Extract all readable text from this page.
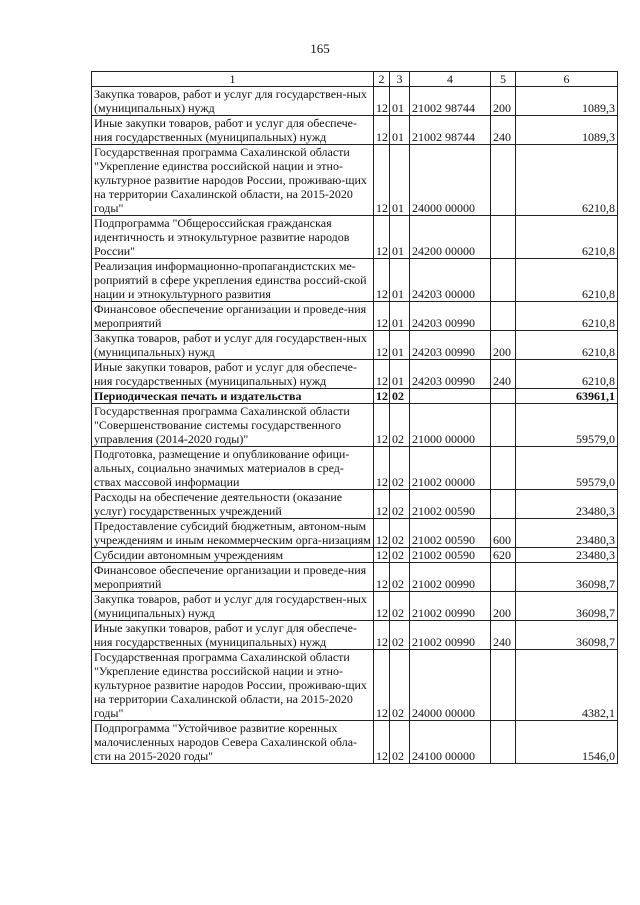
165
1	2	3	4	5	6
Закупка товаров, работ и услуг для государствен-ных (муниципальных) нужд	12	01	21002 98744	200	1089,3
Иные закупки товаров, работ и услуг для обеспече-ния государственных (муниципальных) нужд	12	01	21002 98744	240	1089,3
Государственная программа Сахалинской области "Укрепление единства российской нации и этно-культурное развитие народов России, проживаю-щих на территории Сахалинской области, на 2015-2020 годы"	12	01	24000 00000		6210,8
Подпрограмма "Общероссийская гражданская идентичность и этнокультурное развитие народов России"	12	01	24200 00000		6210,8
Реализация информационно-пропагандистских ме-роприятий в сфере укрепления единства россий-ской нации и этнокультурного развития	12	01	24203 00000		6210,8
Финансовое обеспечение организации и проведе-ния мероприятий	12	01	24203 00990		6210,8
Закупка товаров, работ и услуг для государствен-ных (муниципальных) нужд	12	01	24203 00990	200	6210,8
Иные закупки товаров, работ и услуг для обеспече-ния государственных (муниципальных) нужд	12	01	24203 00990	240	6210,8
Периодическая печать и издательства	12	02			63961,1
Государственная программа Сахалинской области "Совершенствование системы государственного управления (2014-2020 годы)"	12	02	21000 00000		59579,0
Подготовка, размещение и опубликование офици-альных, социально значимых материалов в сред-ствах массовой информации	12	02	21002 00000		59579,0
Расходы на обеспечение деятельности (оказание услуг) государственных учреждений	12	02	21002 00590		23480,3
Предоставление субсидий бюджетным, автоном-ным учреждениям и иным некоммерческим орга-низациям	12	02	21002 00590	600	23480,3
Субсидии автономным учреждениям	12	02	21002 00590	620	23480,3
Финансовое обеспечение организации и проведе-ния мероприятий	12	02	21002 00990		36098,7
Закупка товаров, работ и услуг для государствен-ных (муниципальных) нужд	12	02	21002 00990	200	36098,7
Иные закупки товаров, работ и услуг для обеспече-ния государственных (муниципальных) нужд	12	02	21002 00990	240	36098,7
Государственная программа Сахалинской области "Укрепление единства российской нации и этно-культурное развитие народов России, проживаю-щих на территории Сахалинской области, на 2015-2020 годы"	12	02	24000 00000		4382,1
Подпрограмма "Устойчивое развитие коренных малочисленных народов Севера Сахалинской обла-сти на 2015-2020 годы"	12	02	24100 00000		1546,0
